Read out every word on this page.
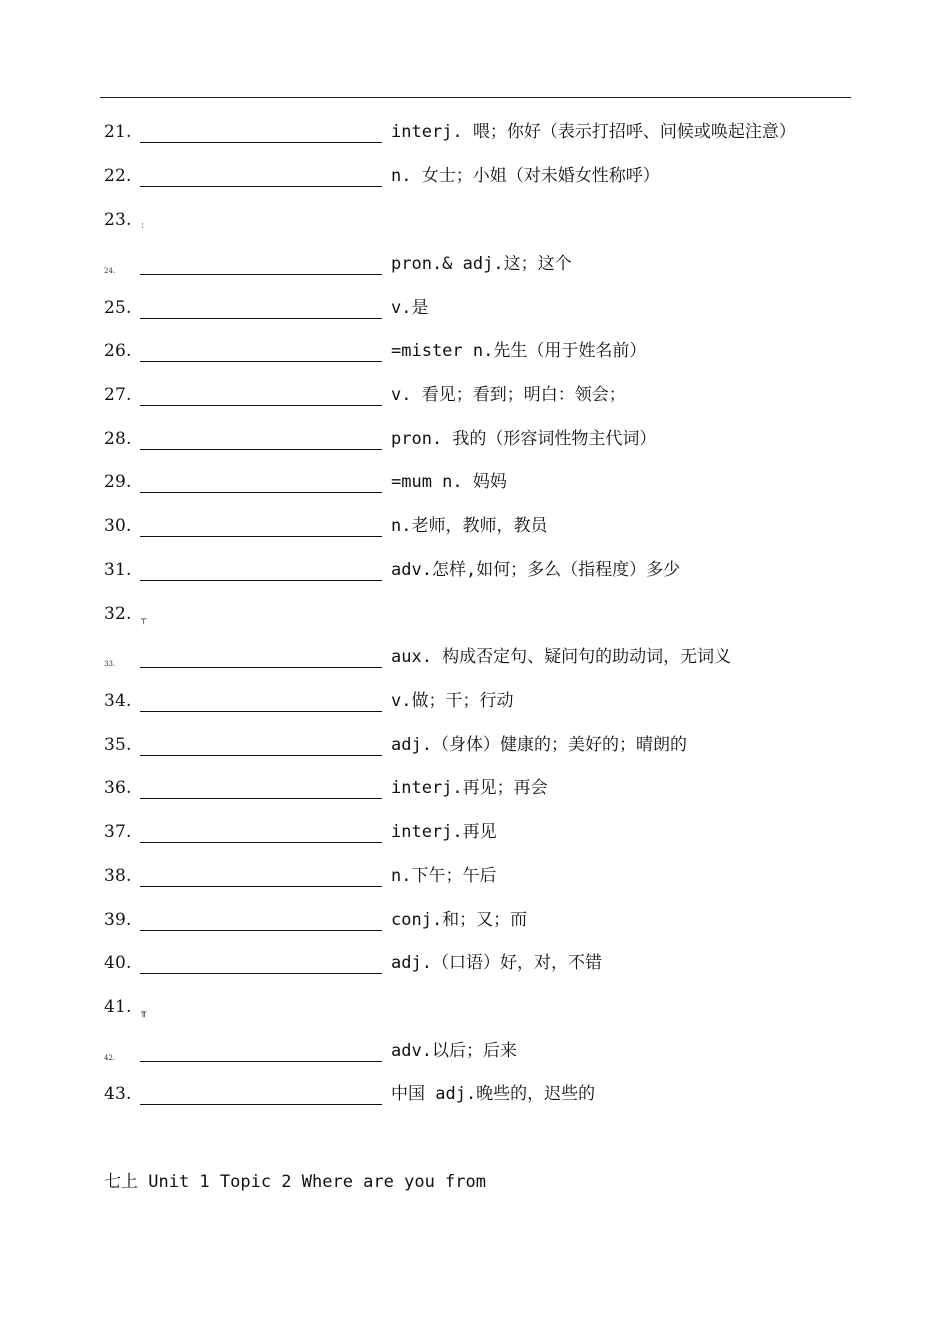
21.	interj. 喂；你好（表示打招呼、问候或唤起注意）
22.	n. 女士；小姐（对未婚女性称呼）
23. :
24.	pron.& adj.这；这个
25.	v.是
26.	=mister n.先生（用于姓名前）
27.	v. 看见；看到；明白：领会；
28.	pron. 我的（形容词性物主代词）
29.	=mum n. 妈妈
30.	n.老师，教师，教员
31.	adv.怎样,如何；多么（指程度）多少
32. ┬
33.	aux. 构成否定句、疑问句的助动词，无词义
34.	v.做；干；行动
35.	adj.（身体）健康的；美好的；晴朗的
36.	interj.再见；再会
37.	interj.再见
38.	n.下午；午后
39.	conj.和；又；而
40.	adj.（口语）好，对，不错
41. ╥
42.	adv.以后；后来
43.	中国 adj.晚些的，迟些的
七上 Unit 1 Topic 2 Where are you from
